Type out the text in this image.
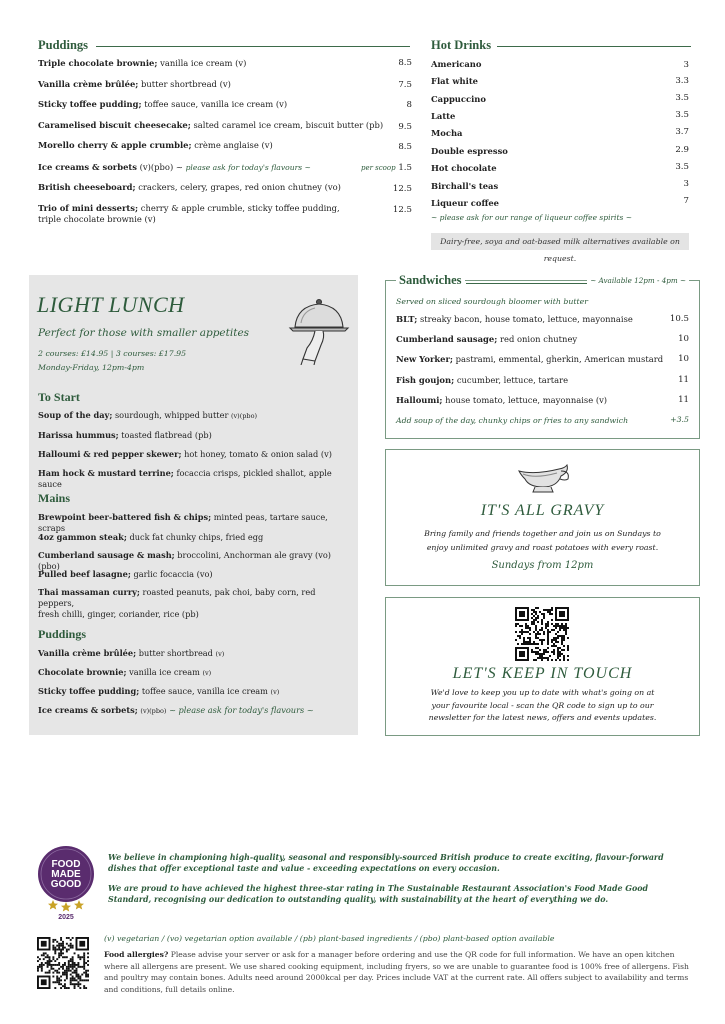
Puddings
Triple chocolate brownie; vanilla ice cream (v)	8.5
Vanilla crème brûlée; butter shortbread (v)	7.5
Sticky toffee pudding; toffee sauce, vanilla ice cream (v)	8
Caramelised biscuit cheesecake; salted caramel ice cream, biscuit butter (pb) 9.5
Morello cherry & apple crumble; crème anglaise (v)	8.5
Ice creams & sorbets (v)(pbo) ~ please ask for today's flavours ~	per scoop 1.5
British cheeseboard; crackers, celery, grapes, red onion chutney (vo)	12.5
Trio of mini desserts; cherry & apple crumble, sticky toffee pudding,
triple chocolate brownie (v)
12.5
Hot Drinks
Americano	3
Flat white	3.3
Cappuccino	3.5
Latte	3.5
Mocha	3.7
Double espresso	2.9
Hot chocolate	3.5
Birchall's teas	3
Liqueur coffee	7
~ please ask for our range of liqueur coffee spirits ~
Dairy-free, soya and oat-based milk alternatives available on request.
LIGHT LUNCH
Perfect for those with smaller appetites
2 courses: £14.95 | 3 courses: £17.95
Monday-Friday, 12pm-4pm
To Start
Soup of the day; sourdough, whipped butter (v)(pbo)
Harissa hummus; toasted flatbread (pb)
Halloumi & red pepper skewer; hot honey, tomato & onion salad (v)
Ham hock & mustard terrine; focaccia crisps, pickled shallot, apple sauce
Mains
Brewpoint beer-battered fish & chips; minted peas, tartare sauce, scraps
4oz gammon steak; duck fat chunky chips, fried egg
Cumberland sausage & mash; broccolini, Anchorman ale gravy (vo)(pbo)
Pulled beef lasagne; garlic focaccia (vo)
Thai massaman curry; roasted peanuts, pak choi, baby corn, red peppers,
fresh chilli, ginger, coriander, rice (pb)
Puddings
Vanilla crème brûlée; butter shortbread (v)
Chocolate brownie; vanilla ice cream (v)
Sticky toffee pudding; toffee sauce, vanilla ice cream (v)
Ice creams & sorbets; (v)(pbo) ~ please ask for today's flavours ~
Sandwiches	~ Available 12pm - 4pm ~
Served on sliced sourdough bloomer with butter
BLT; streaky bacon, house tomato, lettuce, mayonnaise	10.5
Cumberland sausage; red onion chutney	10
New Yorker; pastrami, emmental, gherkin, American mustard 10
Fish goujon; cucumber, lettuce, tartare	11
Halloumi; house tomato, lettuce, mayonnaise (v)	11
Add soup of the day, chunky chips or fries to any sandwich	+3.5
IT'S ALL GRAVY
Bring family and friends together and join us on Sundays to enjoy unlimited gravy and roast potatoes with every roast.
Sundays from 12pm
LET'S KEEP IN TOUCH
We'd love to keep you up to date with what's going on at your favourite local - scan the QR code to sign up to our newsletter for the latest news, offers and events updates.
FOOD
MADE
GOOD
2025
We believe in championing high-quality, seasonal and responsibly-sourced British produce to create exciting, flavour-forward dishes that offer exceptional taste and value - exceeding expectations on every occasion.
We are proud to have achieved the highest three-star rating in The Sustainable Restaurant Association's Food Made Good Standard, recognising our dedication to outstanding quality, with sustainability at the heart of everything we do.
(v) vegetarian / (vo) vegetarian option available / (pb) plant-based ingredients / (pbo) plant-based option available
Food allergies? Please advise your server or ask for a manager before ordering and use the QR code for full information. We have an open kitchen where all allergens are present. We use shared cooking equipment, including fryers, so we are unable to guarantee food is 100% free of allergens. Fish and poultry may contain bones. Adults need around 2000kcal per day. Prices include VAT at the current rate. All offers subject to availability and terms and conditions, full details online.
